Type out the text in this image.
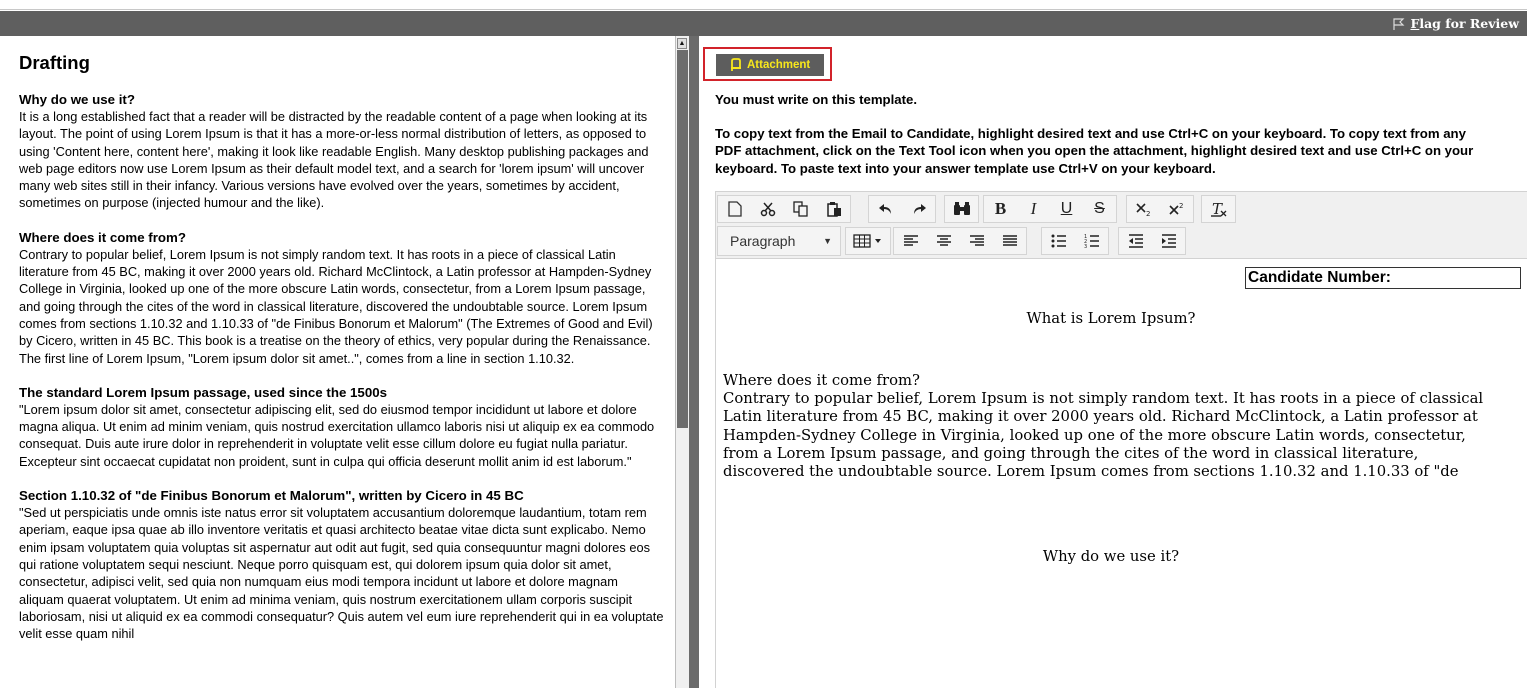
Flag for Review
Drafting
Why do we use it?

It is a long established fact that a reader will be distracted by the readable content of a page when looking at its layout. The point of using Lorem Ipsum is that it has a more-or-less normal distribution of letters, as opposed to using 'Content here, content here', making it look like readable English. Many desktop publishing packages and web page editors now use Lorem Ipsum as their default model text, and a search for 'lorem ipsum' will uncover many web sites still in their infancy. Various versions have evolved over the years, sometimes by accident, sometimes on purpose (injected humour and the like).

Where does it come from?

Contrary to popular belief, Lorem Ipsum is not simply random text. It has roots in a piece of classical Latin literature from 45 BC, making it over 2000 years old. Richard McClintock, a Latin professor at Hampden-Sydney College in Virginia, looked up one of the more obscure Latin words, consectetur, from a Lorem Ipsum passage, and going through the cites of the word in classical literature, discovered the undoubtable source. Lorem Ipsum comes from sections 1.10.32 and 1.10.33 of "de Finibus Bonorum et Malorum" (The Extremes of Good and Evil) by Cicero, written in 45 BC. This book is a treatise on the theory of ethics, very popular during the Renaissance. The first line of Lorem Ipsum, "Lorem ipsum dolor sit amet..", comes from a line in section 1.10.32.

The standard Lorem Ipsum passage, used since the 1500s

"Lorem ipsum dolor sit amet, consectetur adipiscing elit, sed do eiusmod tempor incididunt ut labore et dolore magna aliqua. Ut enim ad minim veniam, quis nostrud exercitation ullamco laboris nisi ut aliquip ex ea commodo consequat. Duis aute irure dolor in reprehenderit in voluptate velit esse cillum dolore eu fugiat nulla pariatur. Excepteur sint occaecat cupidatat non proident, sunt in culpa qui officia deserunt mollit anim id est laborum."

Section 1.10.32 of "de Finibus Bonorum et Malorum", written by Cicero in 45 BC

"Sed ut perspiciatis unde omnis iste natus error sit voluptatem accusantium doloremque laudantium, totam rem aperiam, eaque ipsa quae ab illo inventore veritatis et quasi architecto beatae vitae dicta sunt explicabo. Nemo enim ipsam voluptatem quia voluptas sit aspernatur aut odit aut fugit, sed quia consequuntur magni dolores eos qui ratione voluptatem sequi nesciunt. Neque porro quisquam est, qui dolorem ipsum quia dolor sit amet, consectetur, adipisci velit, sed quia non numquam eius modi tempora incidunt ut labore et dolore magnam aliquam quaerat voluptatem. Ut enim ad minima veniam, quis nostrum exercitationem ullam corporis suscipit laboriosam, nisi ut aliquid ex ea commodi consequatur? Quis autem vel eum iure reprehenderit qui in ea voluptate velit esse quam nihil

▲
Attachment
You must write on this template.
To copy text from the Email to Candidate, highlight desired text and use Ctrl+C on your keyboard. To copy text from any PDF attachment, click on the Text Tool icon when you open the attachment, highlight desired text and use Ctrl+C on your keyboard. To paste text into your answer template use Ctrl+V on your keyboard.
B	I	U	S	2
2 T
Paragraph	▼	1
2
3
Candidate Number:
What is Lorem Ipsum?
Where does it come from?
Contrary to popular belief, Lorem Ipsum is not simply random text. It has roots in a piece of classical Latin literature from 45 BC, making it over 2000 years old. Richard McClintock, a Latin professor at Hampden-Sydney College in Virginia, looked up one of the more obscure Latin words, consectetur, from a Lorem Ipsum passage, and going through the cites of the word in classical literature, discovered the undoubtable source. Lorem Ipsum comes from sections 1.10.32 and 1.10.33 of "de
Why do we use it?
